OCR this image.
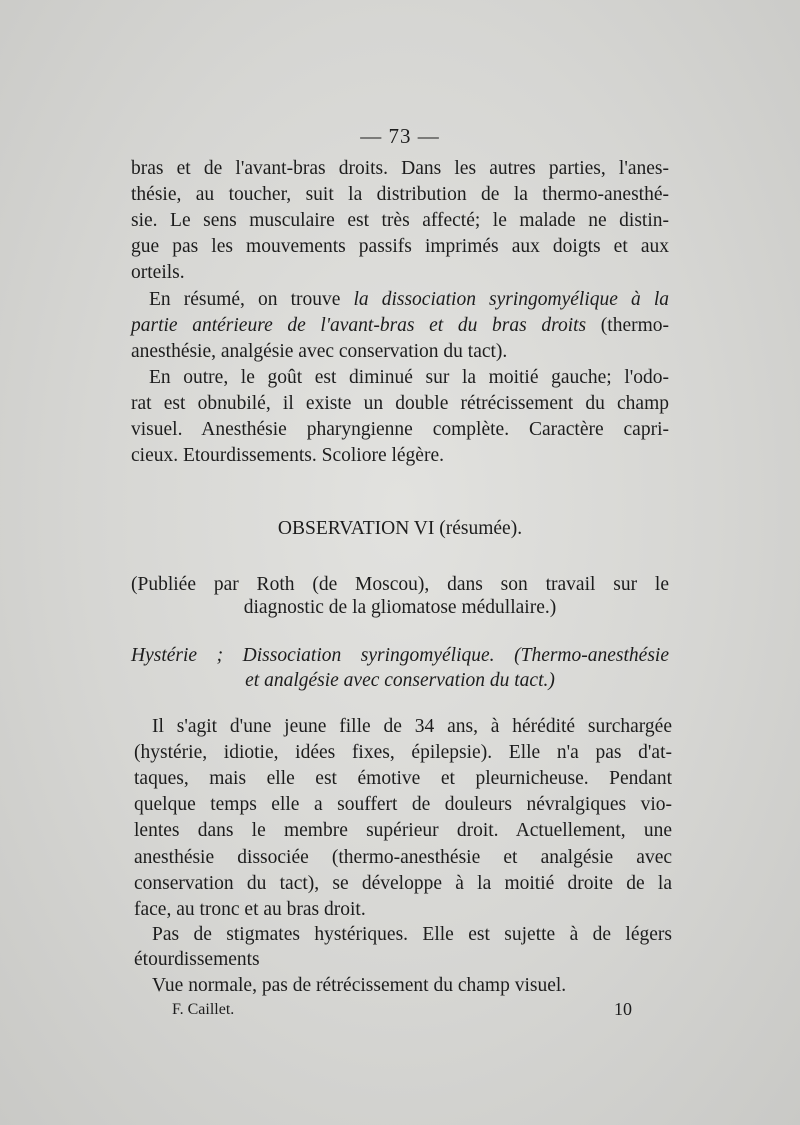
— 73 —
bras et de l'avant-bras droits. Dans les autres parties, l'anes-
thésie, au toucher, suit la distribution de la thermo-anesthé-
sie. Le sens musculaire est très affecté; le malade ne distin-
gue pas les mouvements passifs imprimés aux doigts et aux
orteils.
En résumé, on trouve la dissociation syringomyélique à la
partie antérieure de l'avant-bras et du bras droits (thermo-
anesthésie, analgésie avec conservation du tact).
En outre, le goût est diminué sur la moitié gauche; l'odo-
rat est obnubilé, il existe un double rétrécissement du champ
visuel. Anesthésie pharyngienne complète. Caractère capri-
cieux. Etourdissements. Scoliore légère.
OBSERVATION VI (résumée).
(Publiée par Roth (de Moscou), dans son travail sur le
diagnostic de la gliomatose médullaire.)
Hystérie ; Dissociation syringomyélique. (Thermo-anesthésie
et analgésie avec conservation du tact.)
Il s'agit d'une jeune fille de 34 ans, à hérédité surchargée
(hystérie, idiotie, idées fixes, épilepsie). Elle n'a pas d'at-
taques, mais elle est émotive et pleurnicheuse. Pendant
quelque temps elle a souffert de douleurs névralgiques vio-
lentes dans le membre supérieur droit. Actuellement, une
anesthésie dissociée (thermo-anesthésie et analgésie avec
conservation du tact), se développe à la moitié droite de la
face, au tronc et au bras droit.
Pas de stigmates hystériques. Elle est sujette à de légers
étourdissements
Vue normale, pas de rétrécissement du champ visuel.
F. Caillet.	10
